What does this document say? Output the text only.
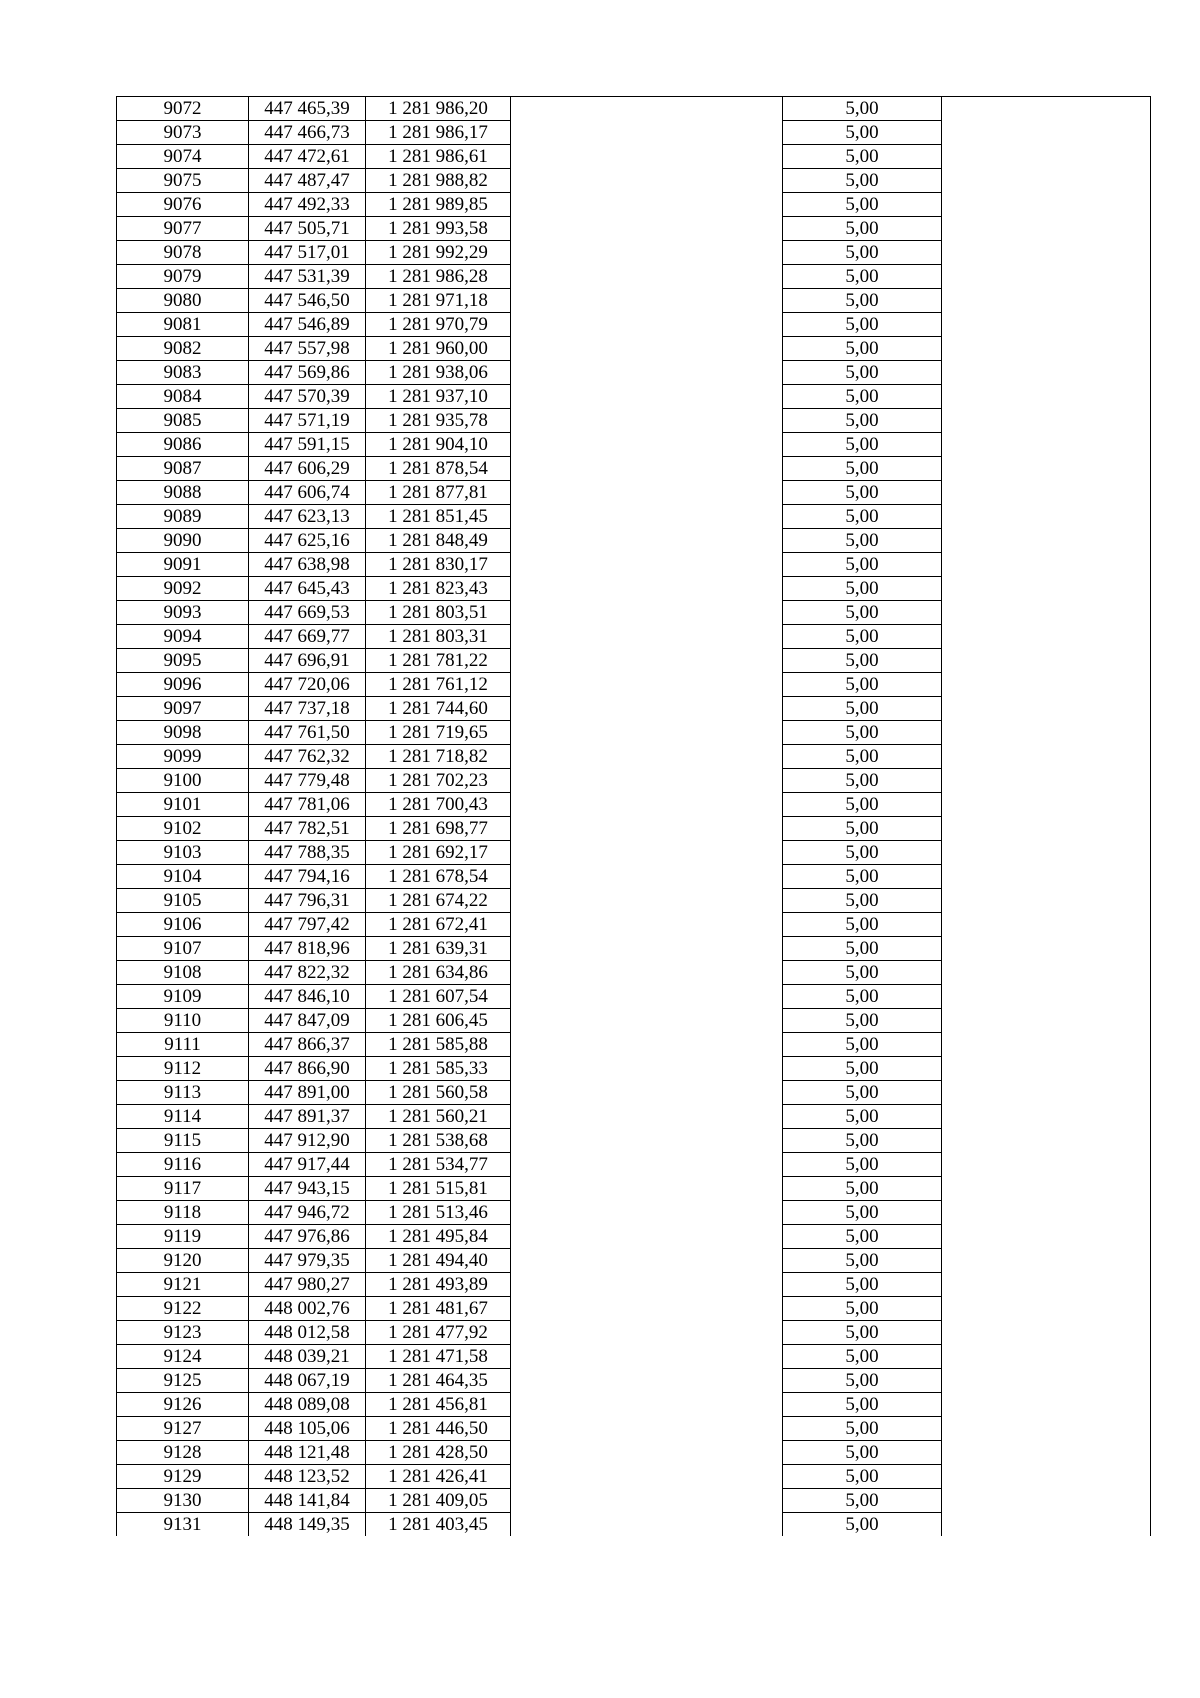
9072	447 465,39	1 281 986,20		5,00	
9073	447 466,73	1 281 986,17		5,00	
9074	447 472,61	1 281 986,61		5,00	
9075	447 487,47	1 281 988,82		5,00	
9076	447 492,33	1 281 989,85		5,00	
9077	447 505,71	1 281 993,58		5,00	
9078	447 517,01	1 281 992,29		5,00	
9079	447 531,39	1 281 986,28		5,00	
9080	447 546,50	1 281 971,18		5,00	
9081	447 546,89	1 281 970,79		5,00	
9082	447 557,98	1 281 960,00		5,00	
9083	447 569,86	1 281 938,06		5,00	
9084	447 570,39	1 281 937,10		5,00	
9085	447 571,19	1 281 935,78		5,00	
9086	447 591,15	1 281 904,10		5,00	
9087	447 606,29	1 281 878,54		5,00	
9088	447 606,74	1 281 877,81		5,00	
9089	447 623,13	1 281 851,45		5,00	
9090	447 625,16	1 281 848,49		5,00	
9091	447 638,98	1 281 830,17		5,00	
9092	447 645,43	1 281 823,43		5,00	
9093	447 669,53	1 281 803,51		5,00	
9094	447 669,77	1 281 803,31		5,00	
9095	447 696,91	1 281 781,22		5,00	
9096	447 720,06	1 281 761,12		5,00	
9097	447 737,18	1 281 744,60		5,00	
9098	447 761,50	1 281 719,65		5,00	
9099	447 762,32	1 281 718,82		5,00	
9100	447 779,48	1 281 702,23		5,00	
9101	447 781,06	1 281 700,43		5,00	
9102	447 782,51	1 281 698,77		5,00	
9103	447 788,35	1 281 692,17		5,00	
9104	447 794,16	1 281 678,54		5,00	
9105	447 796,31	1 281 674,22		5,00	
9106	447 797,42	1 281 672,41		5,00	
9107	447 818,96	1 281 639,31		5,00	
9108	447 822,32	1 281 634,86		5,00	
9109	447 846,10	1 281 607,54		5,00	
9110	447 847,09	1 281 606,45		5,00	
9111	447 866,37	1 281 585,88		5,00	
9112	447 866,90	1 281 585,33		5,00	
9113	447 891,00	1 281 560,58		5,00	
9114	447 891,37	1 281 560,21		5,00	
9115	447 912,90	1 281 538,68		5,00	
9116	447 917,44	1 281 534,77		5,00	
9117	447 943,15	1 281 515,81		5,00	
9118	447 946,72	1 281 513,46		5,00	
9119	447 976,86	1 281 495,84		5,00	
9120	447 979,35	1 281 494,40		5,00	
9121	447 980,27	1 281 493,89		5,00	
9122	448 002,76	1 281 481,67		5,00	
9123	448 012,58	1 281 477,92		5,00	
9124	448 039,21	1 281 471,58		5,00	
9125	448 067,19	1 281 464,35		5,00	
9126	448 089,08	1 281 456,81		5,00	
9127	448 105,06	1 281 446,50		5,00	
9128	448 121,48	1 281 428,50		5,00	
9129	448 123,52	1 281 426,41		5,00	
9130	448 141,84	1 281 409,05		5,00	
9131	448 149,35	1 281 403,45		5,00	
